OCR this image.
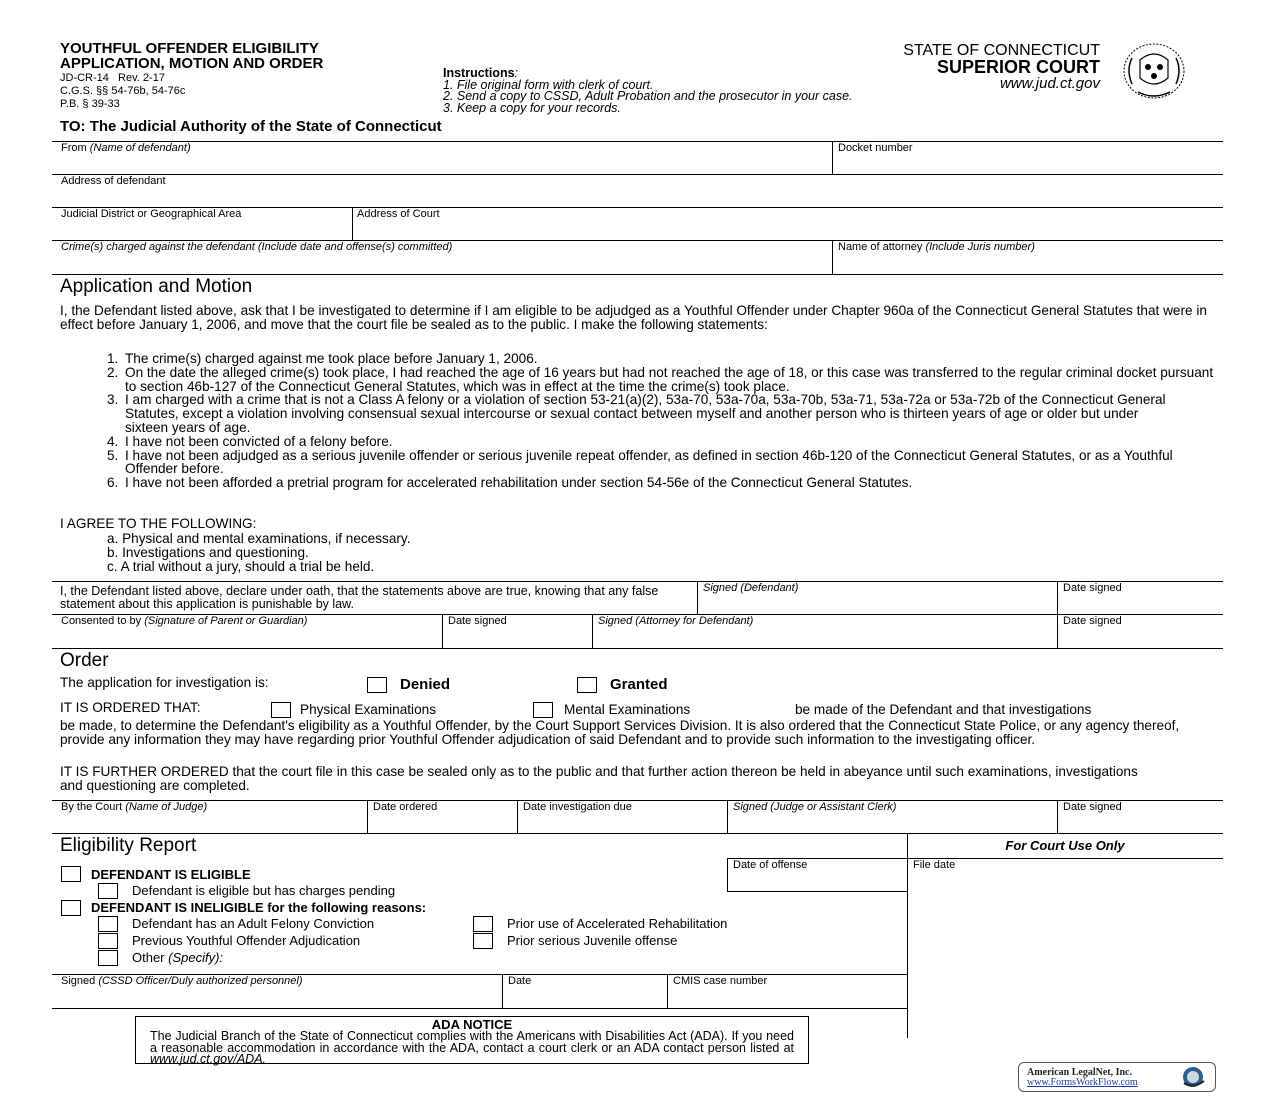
YOUTHFUL OFFENDER ELIGIBILITY
APPLICATION, MOTION AND ORDER
JD-CR-14   Rev. 2-17
C.G.S. §§ 54-76b, 54-76c
P.B. § 39-33
Instructions:
1. File original form with clerk of court.
2. Send a copy to CSSD, Adult Probation and the prosecutor in your case.
3. Keep a copy for your records.
STATE OF CONNECTICUT
SUPERIOR COURT
www.jud.ct.gov
TO: The Judicial Authority of the State of Connecticut
From (Name of defendant)	Docket number
Address of defendant
Judicial District or Geographical Area	Address of Court
Crime(s) charged against the defendant (Include date and offense(s) committed)	Name of attorney (Include Juris number)
Application and Motion
I, the Defendant listed above, ask that I be investigated to determine if I am eligible to be adjudged as a Youthful Offender under Chapter 960a of the Connecticut General Statutes that were in effect before January 1, 2006, and move that the court file be sealed as to the public. I make the following statements:
1. The crime(s) charged against me took place before January 1, 2006.
2. On the date the alleged crime(s) took place, I had reached the age of 16 years but had not reached the age of 18, or this case was transferred to the regular criminal docket pursuant to section 46b-127 of the Connecticut General Statutes, which was in effect at the time the crime(s) took place.
3. I am charged with a crime that is not a Class A felony or a violation of section 53-21(a)(2), 53a-70, 53a-70a, 53a-70b, 53a-71, 53a-72a or 53a-72b of the Connecticut General Statutes, except a violation involving consensual sexual intercourse or sexual contact between myself and another person who is thirteen years of age or older but under sixteen years of age.
4. I have not been convicted of a felony before.
5. I have not been adjudged as a serious juvenile offender or serious juvenile repeat offender, as defined in section 46b-120 of the Connecticut General Statutes, or as a Youthful Offender before.
6. I have not been afforded a pretrial program for accelerated rehabilitation under section 54-56e of the Connecticut General Statutes.
I AGREE TO THE FOLLOWING:
a. Physical and mental examinations, if necessary.
b. Investigations and questioning.
c. A trial without a jury, should a trial be held.
I, the Defendant listed above, declare under oath, that the statements above are true, knowing that any false statement about this application is punishable by law.
Signed (Defendant)	Date signed
Consented to by (Signature of Parent or Guardian)	Date signed	Signed (Attorney for Defendant)	Date signed
Order
The application for investigation is:	Denied	Granted
IT IS ORDERED THAT:	Physical Examinations	Mental Examinations	be made of the Defendant and that investigations
be made, to determine the Defendant's eligibility as a Youthful Offender, by the Court Support Services Division. It is also ordered that the Connecticut State Police, or any agency thereof, provide any information they may have regarding prior Youthful Offender adjudication of said Defendant and to provide such information to the investigating officer.
IT IS FURTHER ORDERED that the court file in this case be sealed only as to the public and that further action thereon be held in abeyance until such examinations, investigations and questioning are completed.
By the Court (Name of Judge)	Date ordered	Date investigation due	Signed (Judge or Assistant Clerk)	Date signed
Eligibility Report	For Court Use Only
Date of offense	File date
DEFENDANT IS ELIGIBLE
Defendant is eligible but has charges pending
DEFENDANT IS INELIGIBLE for the following reasons:
Defendant has an Adult Felony Conviction
Previous Youthful Offender Adjudication
Other (Specify):
Prior use of Accelerated Rehabilitation
Prior serious Juvenile offense
Signed (CSSD Officer/Duly authorized personnel)	Date	CMIS case number
ADA NOTICE
The Judicial Branch of the State of Connecticut complies with the Americans with Disabilities Act (ADA). If you need a reasonable accommodation in accordance with the ADA, contact a court clerk or an ADA contact person listed at www.jud.ct.gov/ADA.
American LegalNet, Inc.
www.FormsWorkFlow.com
